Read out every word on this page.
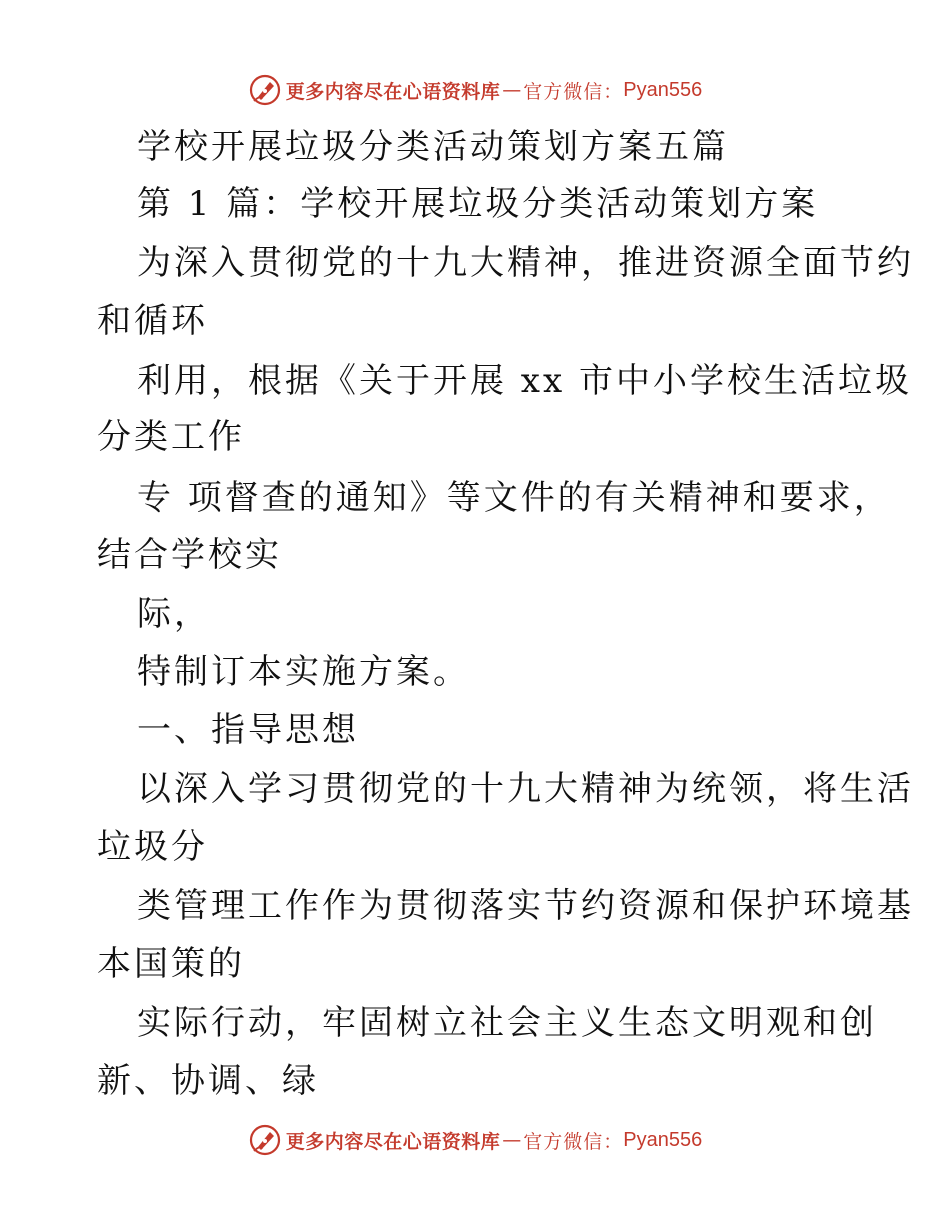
更多内容尽在心语资料库 — 官方微信： Pyan556
学校开展垃圾分类活动策划方案五篇
第 1 篇：学校开展垃圾分类活动策划方案
为深入贯彻党的十九大精神，推进资源全面节约
和循环
利用，根据《关于开展 xx 市中小学校生活垃圾
分类工作
专 项督查的通知》等文件的有关精神和要求，
结合学校实
际，
特制订本实施方案。
一、指导思想
以深入学习贯彻党的十九大精神为统领，将生活
垃圾分
类管理工作作为贯彻落实节约资源和保护环境基
本国策的
实际行动，牢固树立社会主义生态文明观和创
新、协调、绿
更多内容尽在心语资料库 — 官方微信： Pyan556
